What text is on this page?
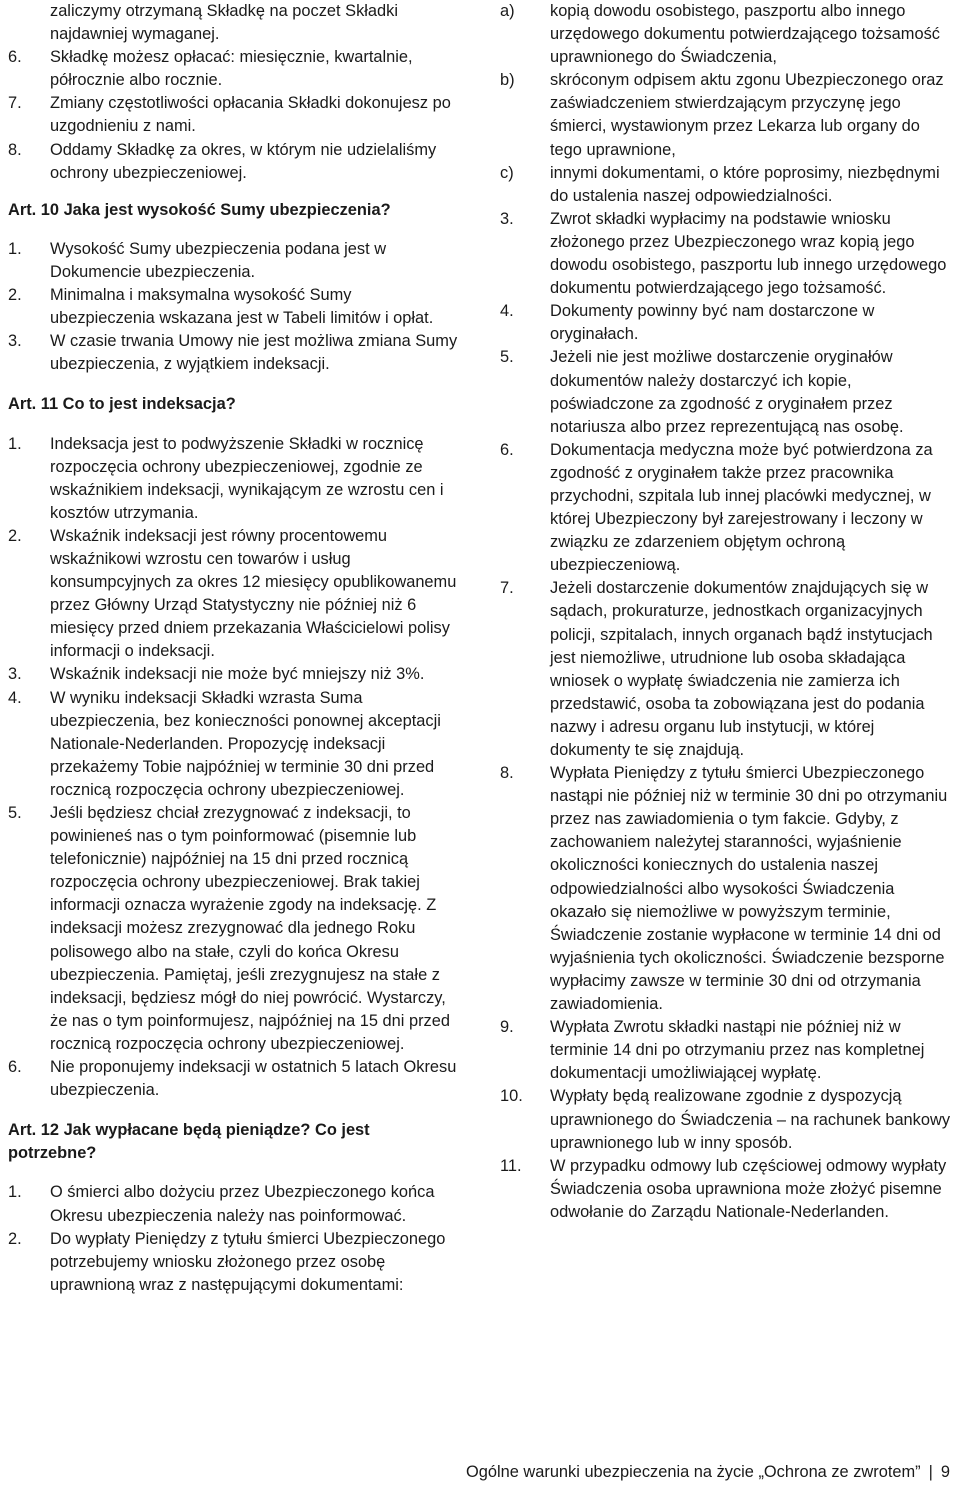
zaliczymy otrzymaną Składkę na poczet Składki
najdawniej wymaganej.
6.	Składkę możesz opłacać: miesięcznie, kwartalnie, półrocznie albo rocznie.
7.	Zmiany częstotliwości opłacania Składki dokonujesz po uzgodnieniu z nami.
8.	Oddamy Składkę za okres, w którym nie udzielaliśmy ochrony ubezpieczeniowej.
Art. 10 Jaka jest wysokość Sumy ubezpieczenia?
1.	Wysokość Sumy ubezpieczenia podana jest w Dokumencie ubezpieczenia.
2.	Minimalna i maksymalna wysokość Sumy ubezpieczenia wskazana jest w Tabeli limitów i opłat.
3.	W czasie trwania Umowy nie jest możliwa zmiana Sumy ubezpieczenia, z wyjątkiem indeksacji.
Art. 11 Co to jest indeksacja?
1.	Indeksacja jest to podwyższenie Składki w rocznicę rozpoczęcia ochrony ubezpieczeniowej, zgodnie ze wskaźnikiem indeksacji, wynikającym ze wzrostu cen i kosztów utrzymania.
2.	Wskaźnik indeksacji jest równy procentowemu wskaźnikowi wzrostu cen towarów i usług konsumpcyjnych za okres 12 miesięcy opublikowanemu przez Główny Urząd Statystyczny nie później niż 6 miesięcy przed dniem przekazania Właścicielowi polisy informacji o indeksacji.
3.	Wskaźnik indeksacji nie może być mniejszy niż 3%.
4.	W wyniku indeksacji Składki wzrasta Suma ubezpieczenia, bez konieczności ponownej akceptacji Nationale-Nederlanden. Propozycję indeksacji przekażemy Tobie najpóźniej w terminie 30 dni przed rocznicą rozpoczęcia ochrony ubezpieczeniowej.
5.	Jeśli będziesz chciał zrezygnować z indeksacji, to powinieneś nas o tym poinformować (pisemnie lub telefonicznie) najpóźniej na 15 dni przed rocznicą rozpoczęcia ochrony ubezpieczeniowej. Brak takiej informacji oznacza wyrażenie zgody na indeksację. Z indeksacji możesz zrezygnować dla jednego Roku polisowego albo na stałe, czyli do końca Okresu ubezpieczenia. Pamiętaj, jeśli zrezygnujesz na stałe z indeksacji, będziesz mógł do niej powrócić. Wystarczy, że nas o tym poinformujesz, najpóźniej na 15 dni przed rocznicą rozpoczęcia ochrony ubezpieczeniowej.
6.	Nie proponujemy indeksacji w ostatnich 5 latach Okresu ubezpieczenia.
Art. 12 Jak wypłacane będą pieniądze? Co jest potrzebne?
1.	O śmierci albo dożyciu przez Ubezpieczonego końca Okresu ubezpieczenia należy nas poinformować.
2.	Do wypłaty Pieniędzy z tytułu śmierci Ubezpieczonego potrzebujemy wniosku złożonego przez osobę uprawnioną wraz z następującymi dokumentami:
a)	kopią dowodu osobistego, paszportu albo innego urzędowego dokumentu potwierdzającego tożsamość uprawnionego do Świadczenia,
b)	skróconym odpisem aktu zgonu Ubezpieczonego oraz zaświadczeniem stwierdzającym przyczynę jego śmierci, wystawionym przez Lekarza lub organy do tego uprawnione,
c)	innymi dokumentami, o które poprosimy, niezbędnymi do ustalenia naszej odpowiedzialności.
3.	Zwrot składki wypłacimy na podstawie wniosku złożonego przez Ubezpieczonego wraz kopią jego dowodu osobistego, paszportu lub innego urzędowego dokumentu potwierdzającego jego tożsamość.
4.	Dokumenty powinny być nam dostarczone w oryginałach.
5.	Jeżeli nie jest możliwe dostarczenie oryginałów dokumentów należy dostarczyć ich kopie, poświadczone za zgodność z oryginałem przez notariusza albo przez reprezentującą nas osobę.
6.	Dokumentacja medyczna może być potwierdzona za zgodność z oryginałem także przez pracownika przychodni, szpitala lub innej placówki medycznej, w której Ubezpieczony był zarejestrowany i leczony w związku ze zdarzeniem objętym ochroną ubezpieczeniową.
7.	Jeżeli dostarczenie dokumentów znajdujących się w sądach, prokuraturze, jednostkach organizacyjnych policji, szpitalach, innych organach bądź instytucjach jest niemożliwe, utrudnione lub osoba składająca wniosek o wypłatę świadczenia nie zamierza ich przedstawić, osoba ta zobowiązana jest do podania nazwy i adresu organu lub instytucji, w której dokumenty te się znajdują.
8.	Wypłata Pieniędzy z tytułu śmierci Ubezpieczonego nastąpi nie później niż w terminie 30 dni po otrzymaniu przez nas zawiadomienia o tym fakcie. Gdyby, z zachowaniem należytej staranności, wyjaśnienie okoliczności koniecznych do ustalenia naszej odpowiedzialności albo wysokości Świadczenia okazało się niemożliwe w powyższym terminie, Świadczenie zostanie wypłacone w terminie 14 dni od wyjaśnienia tych okoliczności. Świadczenie bezsporne wypłacimy zawsze w terminie 30 dni od otrzymania zawiadomienia.
9.	Wypłata Zwrotu składki nastąpi nie później niż w terminie 14 dni po otrzymaniu przez nas kompletnej dokumentacji umożliwiającej wypłatę.
10.	Wypłaty będą realizowane zgodnie z dyspozycją uprawnionego do Świadczenia – na rachunek bankowy uprawnionego lub w inny sposób.
11.	W przypadku odmowy lub częściowej odmowy wypłaty Świadczenia osoba uprawniona może złożyć pisemne odwołanie do Zarządu Nationale-Nederlanden.
Ogólne warunki ubezpieczenia na życie „Ochrona ze zwrotem” | 9
